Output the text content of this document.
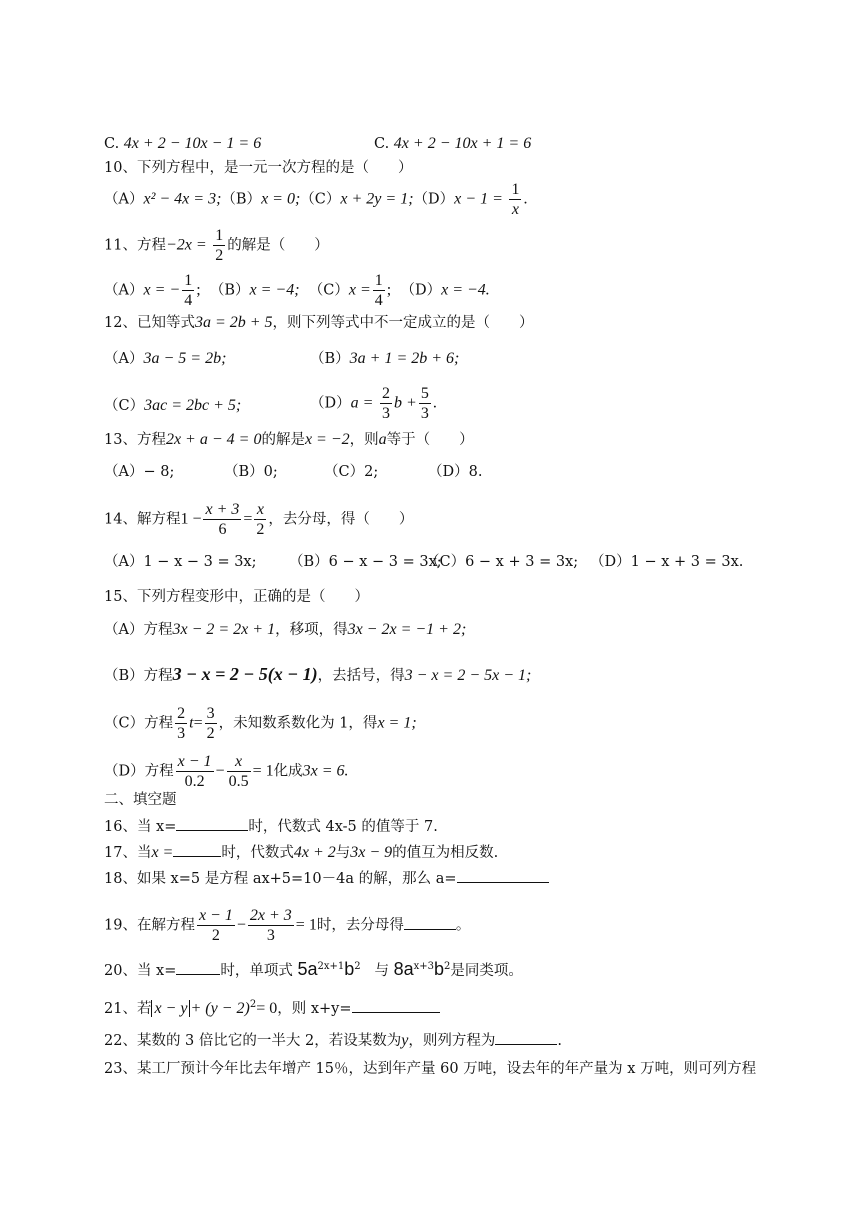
C. 4x + 2 − 10x − 1 = 6	C. 4x + 2 − 10x + 1 = 6
10、下列方程中，是一元一次方程的是（　　）
（A）x² − 4x = 3;（B）x = 0;（C）x + 2y = 1;（D）x − $1 = \frac{1}{x}$ .
11、方程$-2x = \frac{1}{2}$ 的解是（　　）
（A）x = − $\frac{1}{4}$ ; （B）x = −4; $(C)x = \frac{1}{4}$ ; （D）x = −4.
12、已知等式3a = 2b + 5，则下列等式中不一定成立的是（　　）
（A）3a − 5 = 2b;	（B）3a + 1 = 2b + 6;
（C）3ac = 2bc + 5;	$(D)a = \frac{2}{3}$ $b + \frac{5}{3}$ .
13、方程2x + a − 4 = 0的解是x = −2，则a等于（　　）
（A）− 8;	（B）0;	（C）2;	（D）8.
14、解方程$1 - \frac{x + 3}{6} = \frac{x}{2}$ ，去分母，得（　　）
（A）1 − x − 3 = 3x; （B）6 − x − 3 = 3x;
（C）6 − x + 3 = 3x; （D）1 − x + 3 = 3x.
15、下列方程变形中，正确的是（　　）
（A）方程3x − 2 = 2x + 1，移项，得3x − 2x = −1 + 2;
（B）方程3 − x = 2 − 5(x − 1)，去括号，得3 − x = 2 − 5x − 1;
（C）方程 $\frac{2}{3} t= \frac{3}{2}$ ，未知数系数化为 1，得x = 1;
（D）方程 $\frac{x - 1}{0.2} - \frac{x}{0.5} = 1$化成3x = 6.
二、填空题
16、当 x=	时，代数式 4x-5 的值等于 7.
17、当x =	时，代数式4x + 2与3x − 9的值互为相反数.
18、如果 x=5 是方程 ax+5=10－4a 的解，那么 a=
19、在解方程 $\frac{x - 1}{2} - \frac{2x + 3}{3} = 1$时，去分母得	。
20、当 x=	时，单项式 $5a^{2x+1}b^2$ 与 $8a^{x+3}b^2$是同类项。
21、若 $x - y + (y - 2)^2= 0$，则 x+y=
22、某数的 3 倍比它的一半大 2，若设某数为y，则列方程为	.
23、某工厂预计今年比去年增产 15％，达到年产量 60 万吨，设去年的年产量为 x 万吨，则可列方程
